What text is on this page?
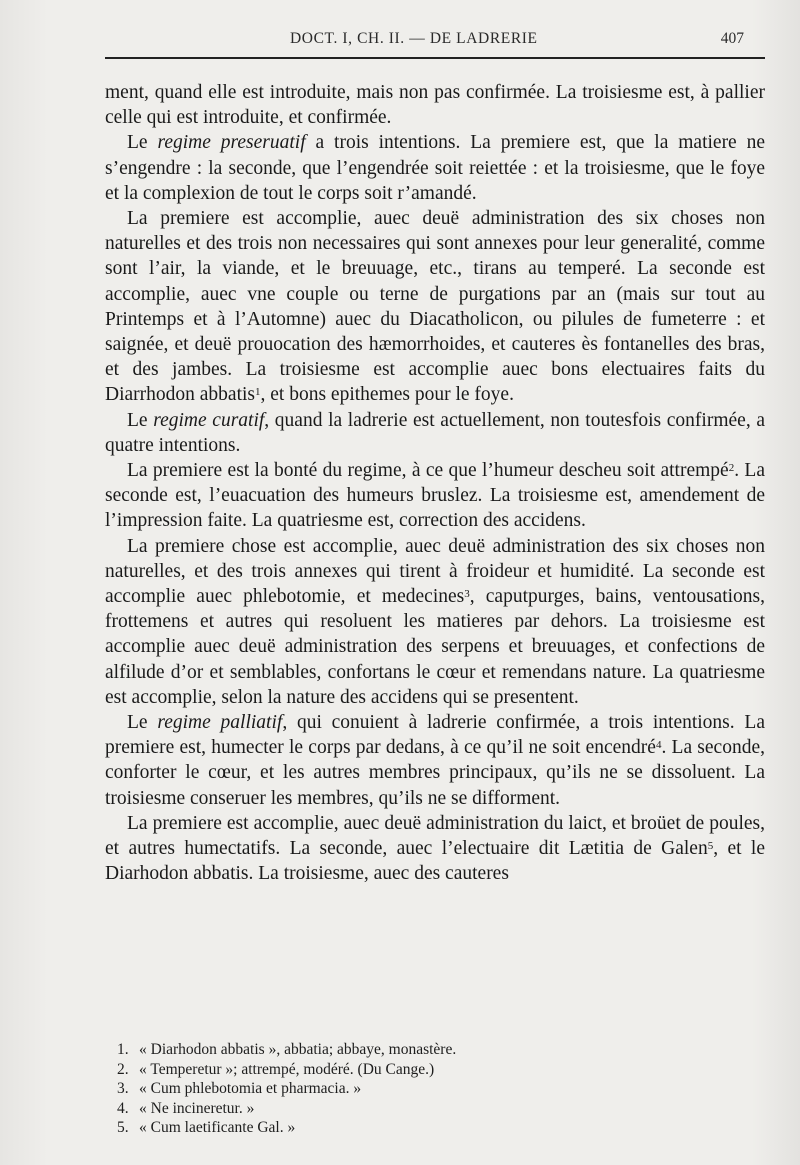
DOCT. I, CH. II. — DE LADRERIE	407

ment, quand elle est introduite, mais non pas confirmée. La troisiesme est, à pallier celle qui est introduite, et confirmée.

Le regime preseruatif a trois intentions. La premiere est, que la matiere ne s’engendre : la seconde, que l’engendrée soit reiettée : et la troisiesme, que le foye et la complexion de tout le corps soit r’amandé.

La premiere est accomplie, auec deuë administration des six choses non naturelles et des trois non necessaires qui sont annexes pour leur generalité, comme sont l’air, la viande, et le breuuage, etc., tirans au temperé. La seconde est accomplie, auec vne couple ou terne de purgations par an (mais sur tout au Printemps et à l’Automne) auec du Diacatholicon, ou pilules de fumeterre : et saignée, et deuë prouocation des hæmorrhoides, et cauteres ès fontanelles des bras, et des jambes. La troisiesme est accomplie auec bons electuaires faits du Diarrhodon abbatis$^1$, et bons epithemes pour le foye.

Le regime curatif, quand la ladrerie est actuellement, non toutesfois confirmée, a quatre intentions.

La premiere est la bonté du regime, à ce que l’humeur descheu soit attrempé$^2$. La seconde est, l’euacuation des humeurs bruslez. La troisiesme est, amendement de l’impression faite. La quatriesme est, correction des accidens.

La premiere chose est accomplie, auec deuë administration des six choses non naturelles, et des trois annexes qui tirent à froideur et humidité. La seconde est accomplie auec phlebotomie, et medecines$^3$, caputpurges, bains, ventousations, frottemens et autres qui resoluent les matieres par dehors. La troisiesme est accomplie auec deuë administration des serpens et breuuages, et confections de alfilude d’or et semblables, confortans le cœur et remendans nature. La quatriesme est accomplie, selon la nature des accidens qui se presentent.

Le regime palliatif, qui conuient à ladrerie confirmée, a trois intentions. La premiere est, humecter le corps par dedans, à ce qu’il ne soit encendré$^4$. La seconde, conforter le cœur, et les autres membres principaux, qu’ils ne se dissoluent. La troisiesme conseruer les membres, qu’ils ne se difforment.

La premiere est accomplie, auec deuë administration du laict, et broüet de poules, et autres humectatifs. La seconde, auec l’electuaire dit Lætitia de Galen$^5$, et le Diarhodon abbatis. La troisiesme, auec des cauteres

1. « Diarhodon abbatis », abbatia; abbaye, monastère.
2. « Temperetur »; attrempé, modéré. (Du Cange.)
3. « Cum phlebotomia et pharmacia. »
4. « Ne incineretur. »
5. « Cum laetificante Gal. »
